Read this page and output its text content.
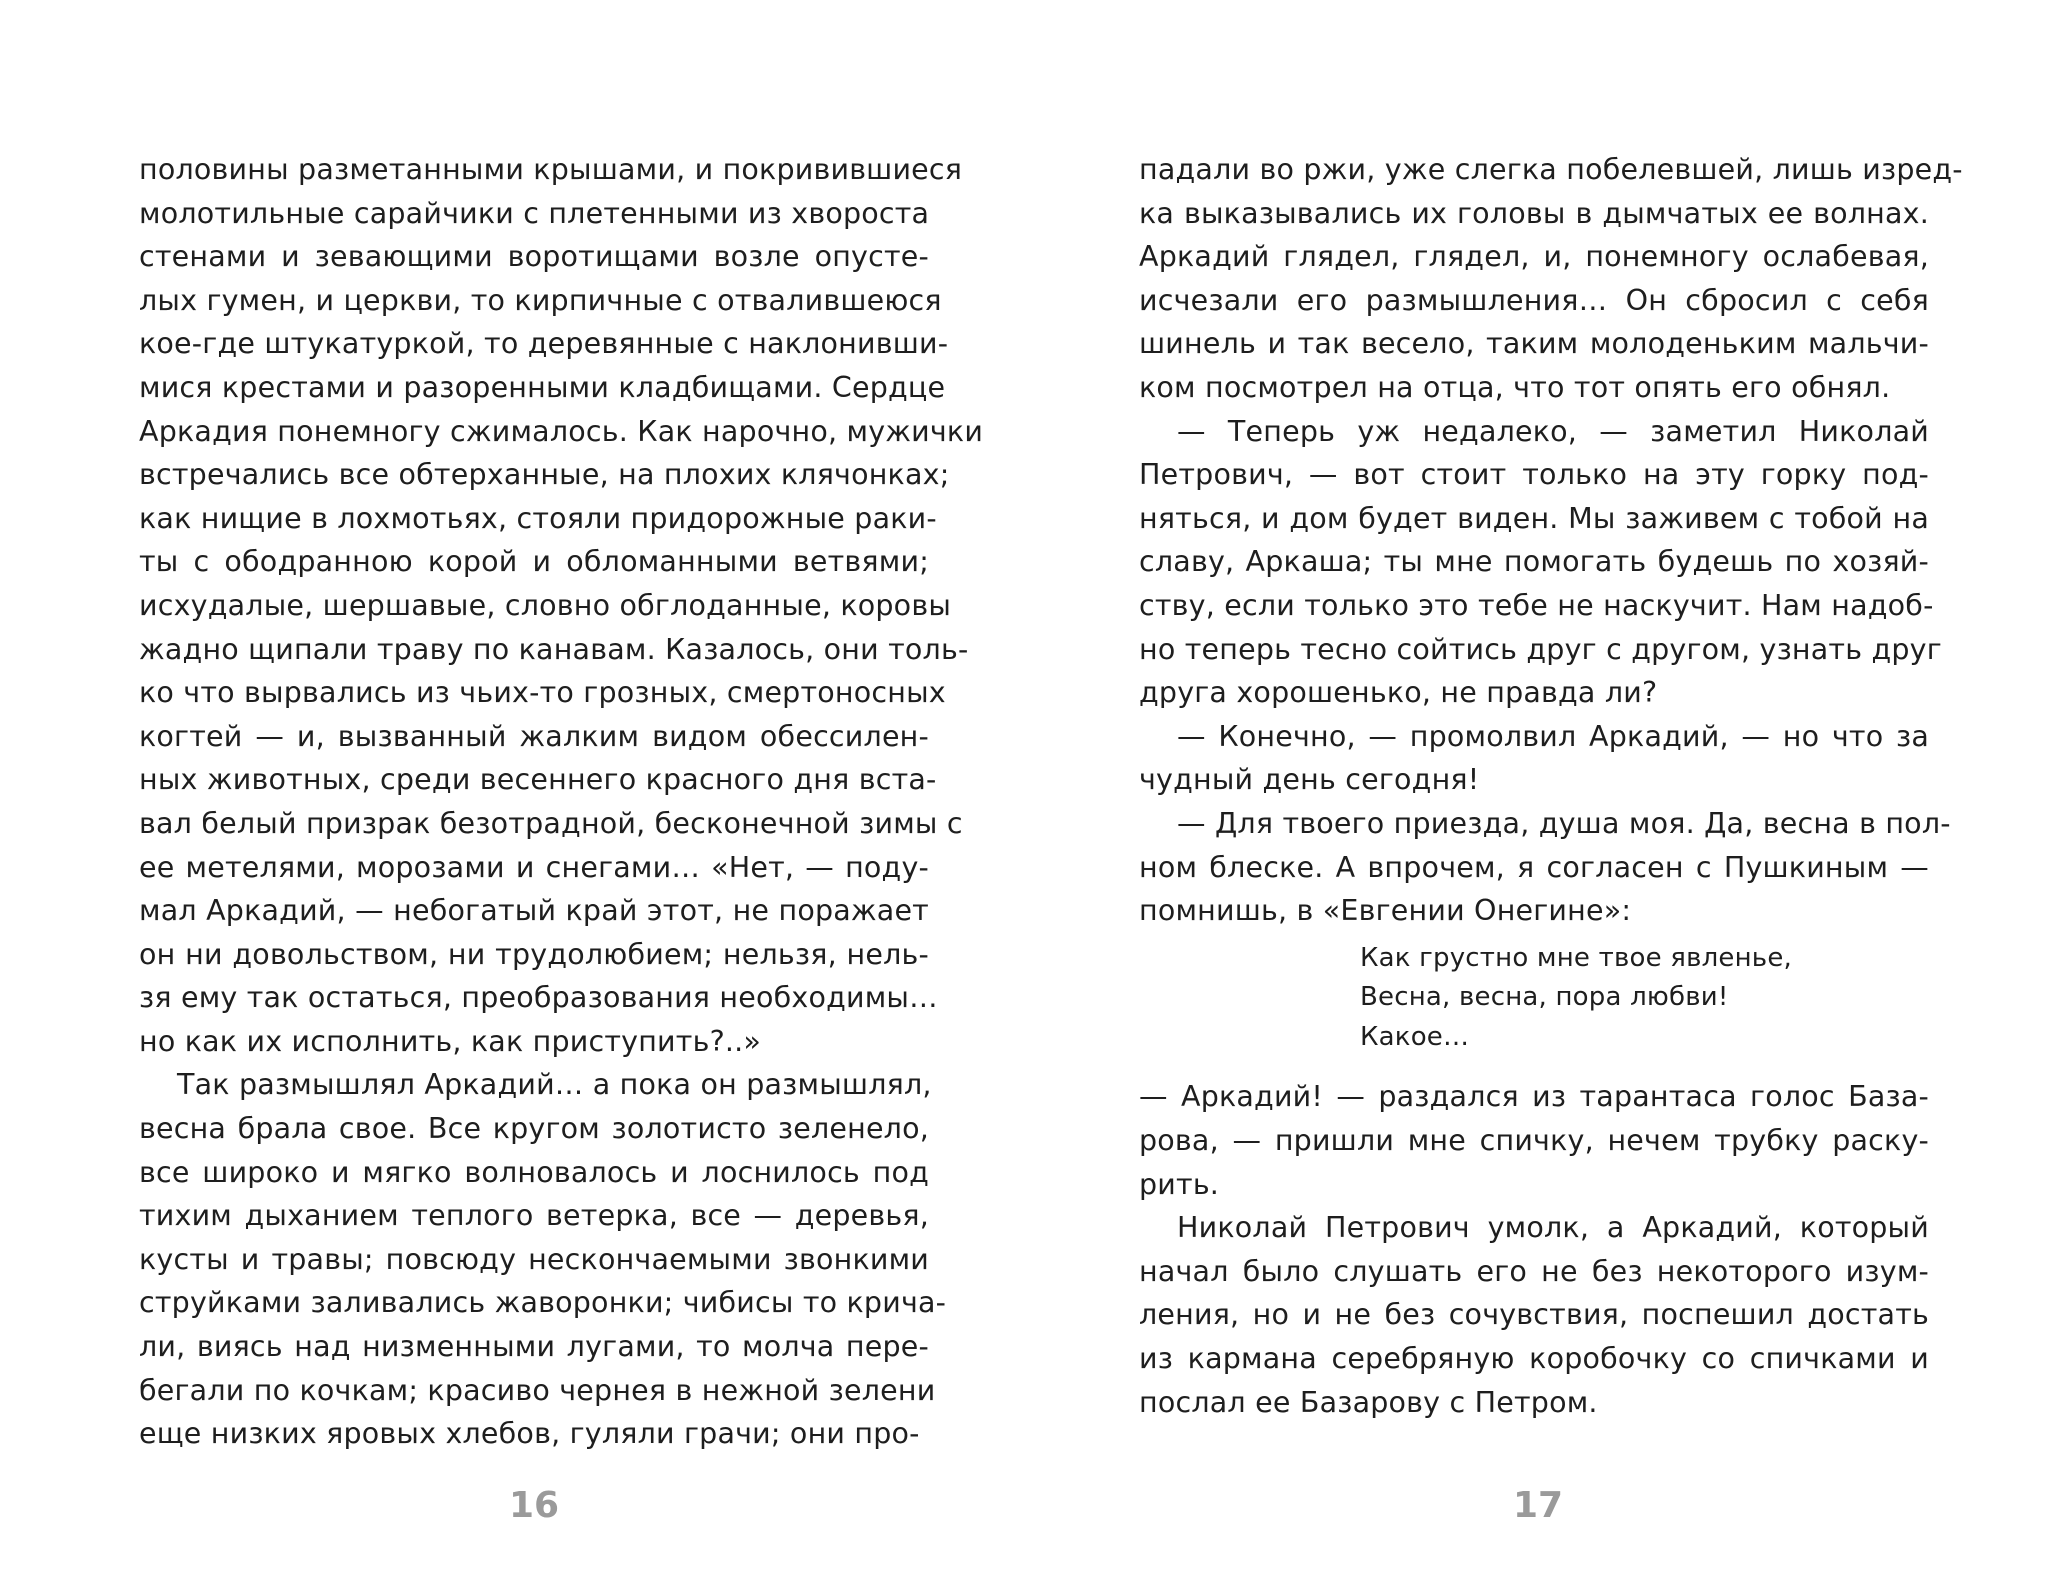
половины разметанными крышами, и покривившиеся
молотильные сарайчики с плетенными из хвороста
стенами и зевающими воротищами возле опустe-
лых гумен, и церкви, то кирпичные с отвалившеюся
кое-где штукатуркой, то деревянные с наклонивши-
мися крестами и разоренными кладбищами. Сердце
Аркадия понемногу сжималось. Как нарочно, мужички
встречались все обтерханные, на плохих клячонках;
как нищие в лохмотьях, стояли придорожные раки-
ты с ободранною корой и обломанными ветвями;
исхудалые, шершавые, словно обглоданные, коровы
жадно щипали траву по канавам. Казалось, они толь-
ко что вырвались из чьих-то грозных, смертоносных
когтей — и, вызванный жалким видом обессилен-
ных животных, среди весеннего красного дня вста-
вал белый призрак безотрадной, бесконечной зимы с
ее метелями, морозами и снегами… «Нет, — поду-
мал Аркадий, — небогатый край этот, не поражает
он ни довольством, ни трудолюбием; нельзя, нель-
зя ему так остаться, преобразования необходимы…
но как их исполнить, как приступить?..»
Так размышлял Аркадий… а пока он размышлял,
весна брала свое. Все кругом золотисто зеленело,
все широко и мягко волновалось и лоснилось под
тихим дыханием теплого ветерка, все — деревья,
кусты и травы; повсюду нескончаемыми звонкими
струйками заливались жаворонки; чибисы то крича-
ли, виясь над низменными лугами, то молча пере-
бегали по кочкам; красиво чернея в нежной зелени
еще низких яровых хлебов, гуляли грачи; они про-
16
падали во ржи, уже слегка побелевшей, лишь изред-
ка выказывались их головы в дымчатых ее волнах.
Аркадий глядел, глядел, и, понемногу ослабевая,
исчезали его размышления… Он сбросил с себя
шинель и так весело, таким молоденьким мальчи-
ком посмотрел на отца, что тот опять его обнял.
— Теперь уж недалеко, — заметил Николай
Петрович, — вот стоит только на эту горку под-
няться, и дом будет виден. Мы заживем с тобой на
славу, Аркаша; ты мне помогать будешь по хозяй-
ству, если только это тебе не наскучит. Нам надоб-
но теперь тесно сойтись друг с другом, узнать друг
друга хорошенько, не правда ли?
— Конечно, — промолвил Аркадий, — но что за
чудный день сегодня!
— Для твоего приезда, душа моя. Да, весна в пол-
ном блеске. А впрочем, я согласен с Пушкиным —
помнишь, в «Евгении Онегине»:
Как грустно мне твое явленье,
Весна, весна, пора любви!
Какое…
— Аркадий! — раздался из тарантаса голос База-
рова, — пришли мне спичку, нечем трубку раску-
рить.
Николай Петрович умолк, а Аркадий, который
начал было слушать его не без некоторого изум-
ления, но и не без сочувствия, поспешил достать
из кармана серебряную коробочку со спичками и
послал ее Базарову с Петром.
17
